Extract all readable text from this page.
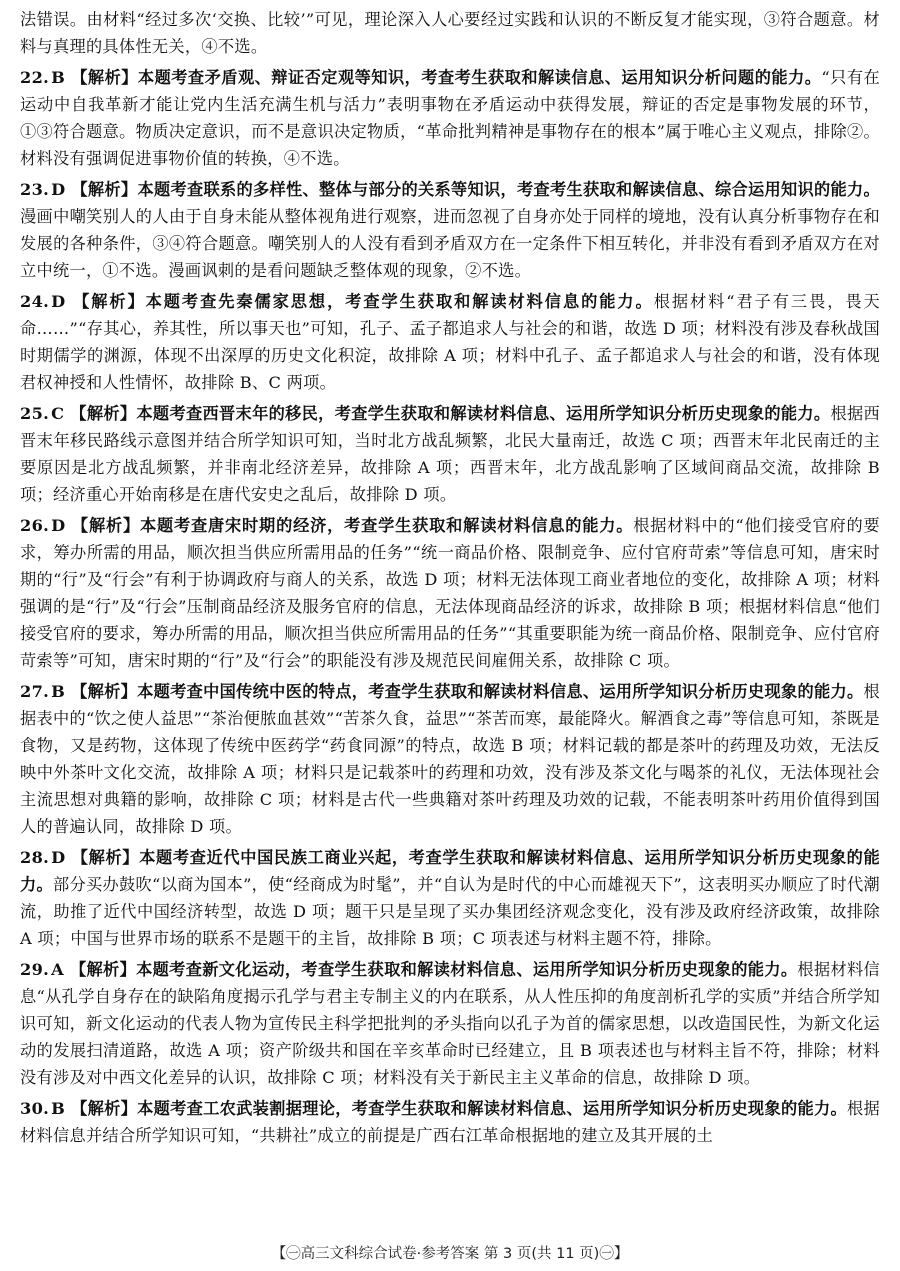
法错误。由材料“经过多次‘交换、比较’”可见，理论深入人心要经过实践和认识的不断反复才能实现，③符合题意。材料与真理的具体性无关，④不选。

22. B 【解析】本题考查矛盾观、辩证否定观等知识，考查考生获取和解读信息、运用知识分析问题的能力。“只有在运动中自我革新才能让党内生活充满生机与活力”表明事物在矛盾运动中获得发展，辩证的否定是事物发展的环节，①③符合题意。物质决定意识，而不是意识决定物质，“革命批判精神是事物存在的根本”属于唯心主义观点，排除②。材料没有强调促进事物价值的转换，④不选。
23. D 【解析】本题考查联系的多样性、整体与部分的关系等知识，考查考生获取和解读信息、综合运用知识的能力。漫画中嘲笑别人的人由于自身未能从整体视角进行观察，进而忽视了自身亦处于同样的境地，没有认真分析事物存在和发展的各种条件，③④符合题意。嘲笑别人的人没有看到矛盾双方在一定条件下相互转化，并非没有看到矛盾双方在对立中统一，①不选。漫画讽刺的是看问题缺乏整体观的现象，②不选。
24. D 【解析】本题考查先秦儒家思想，考查学生获取和解读材料信息的能力。根据材料“君子有三畏，畏天命……”“存其心，养其性，所以事天也”可知，孔子、孟子都追求人与社会的和谐，故选 D 项；材料没有涉及春秋战国时期儒学的渊源，体现不出深厚的历史文化积淀，故排除 A 项；材料中孔子、孟子都追求人与社会的和谐，没有体现君权神授和人性情怀，故排除 B、C 两项。
25. C 【解析】本题考查西晋末年的移民，考查学生获取和解读材料信息、运用所学知识分析历史现象的能力。根据西晋末年移民路线示意图并结合所学知识可知，当时北方战乱频繁，北民大量南迁，故选 C 项；西晋末年北民南迁的主要原因是北方战乱频繁，并非南北经济差异，故排除 A 项；西晋末年，北方战乱影响了区域间商品交流，故排除 B 项；经济重心开始南移是在唐代安史之乱后，故排除 D 项。
26. D 【解析】本题考查唐宋时期的经济，考查学生获取和解读材料信息的能力。根据材料中的“他们接受官府的要求，筹办所需的用品，顺次担当供应所需用品的任务”“统一商品价格、限制竞争、应付官府苛索”等信息可知，唐宋时期的“行”及“行会”有利于协调政府与商人的关系，故选 D 项；材料无法体现工商业者地位的变化，故排除 A 项；材料强调的是“行”及“行会”压制商品经济及服务官府的信息，无法体现商品经济的诉求，故排除 B 项；根据材料信息“他们接受官府的要求，筹办所需的用品，顺次担当供应所需用品的任务”“其重要职能为统一商品价格、限制竞争、应付官府苛索等”可知，唐宋时期的“行”及“行会”的职能没有涉及规范民间雇佣关系，故排除 C 项。
27. B 【解析】本题考查中国传统中医的特点，考查学生获取和解读材料信息、运用所学知识分析历史现象的能力。根据表中的“饮之使人益思”“茶治便脓血甚效”“苦茶久食，益思”“茶苦而寒，最能降火。解酒食之毒”等信息可知，茶既是食物，又是药物，这体现了传统中医药学“药食同源”的特点，故选 B 项；材料记载的都是茶叶的药理及功效，无法反映中外茶叶文化交流，故排除 A 项；材料只是记载茶叶的药理和功效，没有涉及茶文化与喝茶的礼仪，无法体现社会主流思想对典籍的影响，故排除 C 项；材料是古代一些典籍对茶叶药理及功效的记载，不能表明茶叶药用价值得到国人的普遍认同，故排除 D 项。
28. D 【解析】本题考查近代中国民族工商业兴起，考查学生获取和解读材料信息、运用所学知识分析历史现象的能力。部分买办鼓吹“以商为国本”，使“经商成为时髦”，并“自认为是时代的中心而雄视天下”，这表明买办顺应了时代潮流，助推了近代中国经济转型，故选 D 项；题干只是呈现了买办集团经济观念变化，没有涉及政府经济政策，故排除 A 项；中国与世界市场的联系不是题干的主旨，故排除 B 项；C 项表述与材料主题不符，排除。
29. A 【解析】本题考查新文化运动，考查学生获取和解读材料信息、运用所学知识分析历史现象的能力。根据材料信息“从孔学自身存在的缺陷角度揭示孔学与君主专制主义的内在联系，从人性压抑的角度剖析孔学的实质”并结合所学知识可知，新文化运动的代表人物为宣传民主科学把批判的矛头指向以孔子为首的儒家思想，以改造国民性，为新文化运动的发展扫清道路，故选 A 项；资产阶级共和国在辛亥革命时已经建立，且 B 项表述也与材料主旨不符，排除；材料没有涉及对中西文化差异的认识，故排除 C 项；材料没有关于新民主主义革命的信息，故排除 D 项。
30. B 【解析】本题考查工农武装割据理论，考查学生获取和解读材料信息、运用所学知识分析历史现象的能力。根据材料信息并结合所学知识可知，“共耕社”成立的前提是广西右江革命根据地的建立及其开展的土
【㊀高三文科综合试卷·参考答案 第 3 页(共 11 页)㊀】
